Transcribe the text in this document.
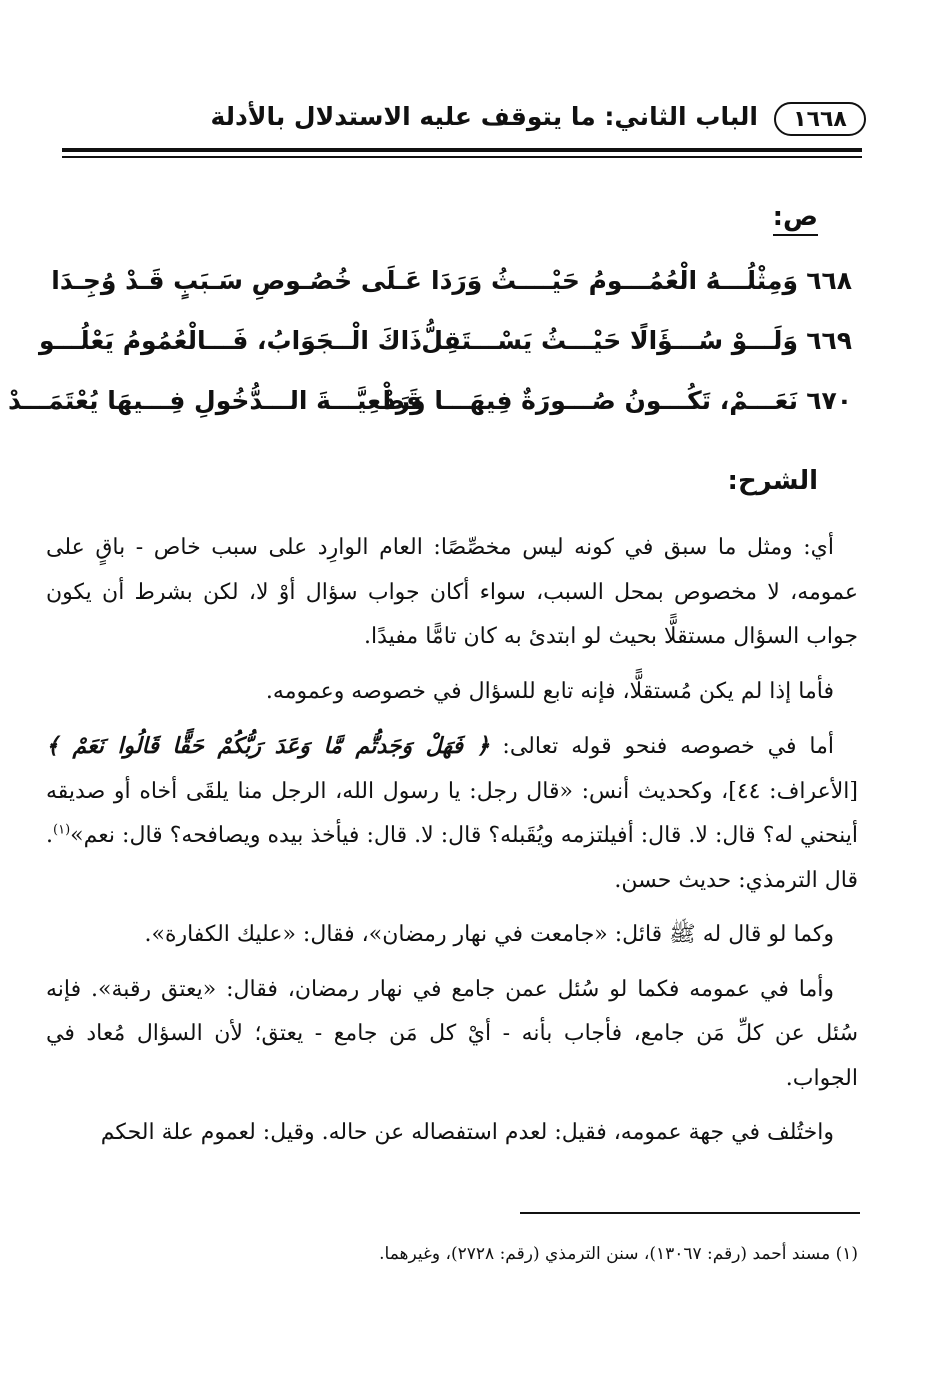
١٦٦٨
الباب الثاني: ما يتوقف عليه الاستدلال بالأدلة
ص:
٦٦٨
وَمِثْلُـــهُ الْعُمُـــومُ حَيْــــثُ وَرَدَا
عَـلَى خُصُـوصِ سَـبَبٍ قَـدْ وُجِـدَا
٦٦٩
وَلَـــوْ سُـــؤَالًا حَيْـــثُ يَسْـــتَقِلُّ
ذَاكَ الْــجَوَابُ، فَـــالْعُمُومُ يَعْلُـــو
٦٧٠
نَعَـــمْ، تَكُـــونُ صُـــورَةٌ فِيهَـــا وَرَدْ
قَطْعِيَّـــةَ الـــدُّخُولِ فِـــيهَا يُعْتَمَـــدْ
الشرح:

أي: ومثل ما سبق في كونه ليس مخصِّصًا: العام الوارِد على سبب خاص - باقٍ على عمومه، لا مخصوص بمحل السبب، سواء أكان جواب سؤال أوْ لا، لكن بشرط أن يكون جواب السؤال مستقلًّا بحيث لو ابتدئ به كان تامًّا مفيدًا.

فأما إذا لم يكن مُستقلًّا، فإنه تابع للسؤال في خصوصه وعمومه.

أما في خصوصه فنحو قوله تعالى: ﴿ فَهَلْ وَجَدتُّم مَّا وَعَدَ رَبُّكُمْ حَقًّا قَالُوا نَعَمْ ﴾ [الأعراف: ٤٤]، وكحديث أنس: «قال رجل: يا رسول الله، الرجل منا يلقَى أخاه أو صديقه أينحني له؟ قال: لا. قال: أفيلتزمه ويُقَبله؟ قال: لا. قال: فيأخذ بيده ويصافحه؟ قال: نعم»$^{(١)}$. قال الترمذي: حديث حسن.

وكما لو قال له ﷺ قائل: «جامعت في نهار رمضان»، فقال: «عليك الكفارة».

وأما في عمومه فكما لو سُئل عمن جامع في نهار رمضان، فقال: «يعتق رقبة». فإنه سُئل عن كلِّ مَن جامع، فأجاب بأنه - أيْ كل مَن جامع - يعتق؛ لأن السؤال مُعاد في الجواب.

واختُلف في جهة عمومه، فقيل: لعدم استفصاله عن حاله. وقيل: لعموم علة الحكم

(١) مسند أحمد (رقم: ١٣٠٦٧)، سنن الترمذي (رقم: ٢٧٢٨)، وغيرهما.
